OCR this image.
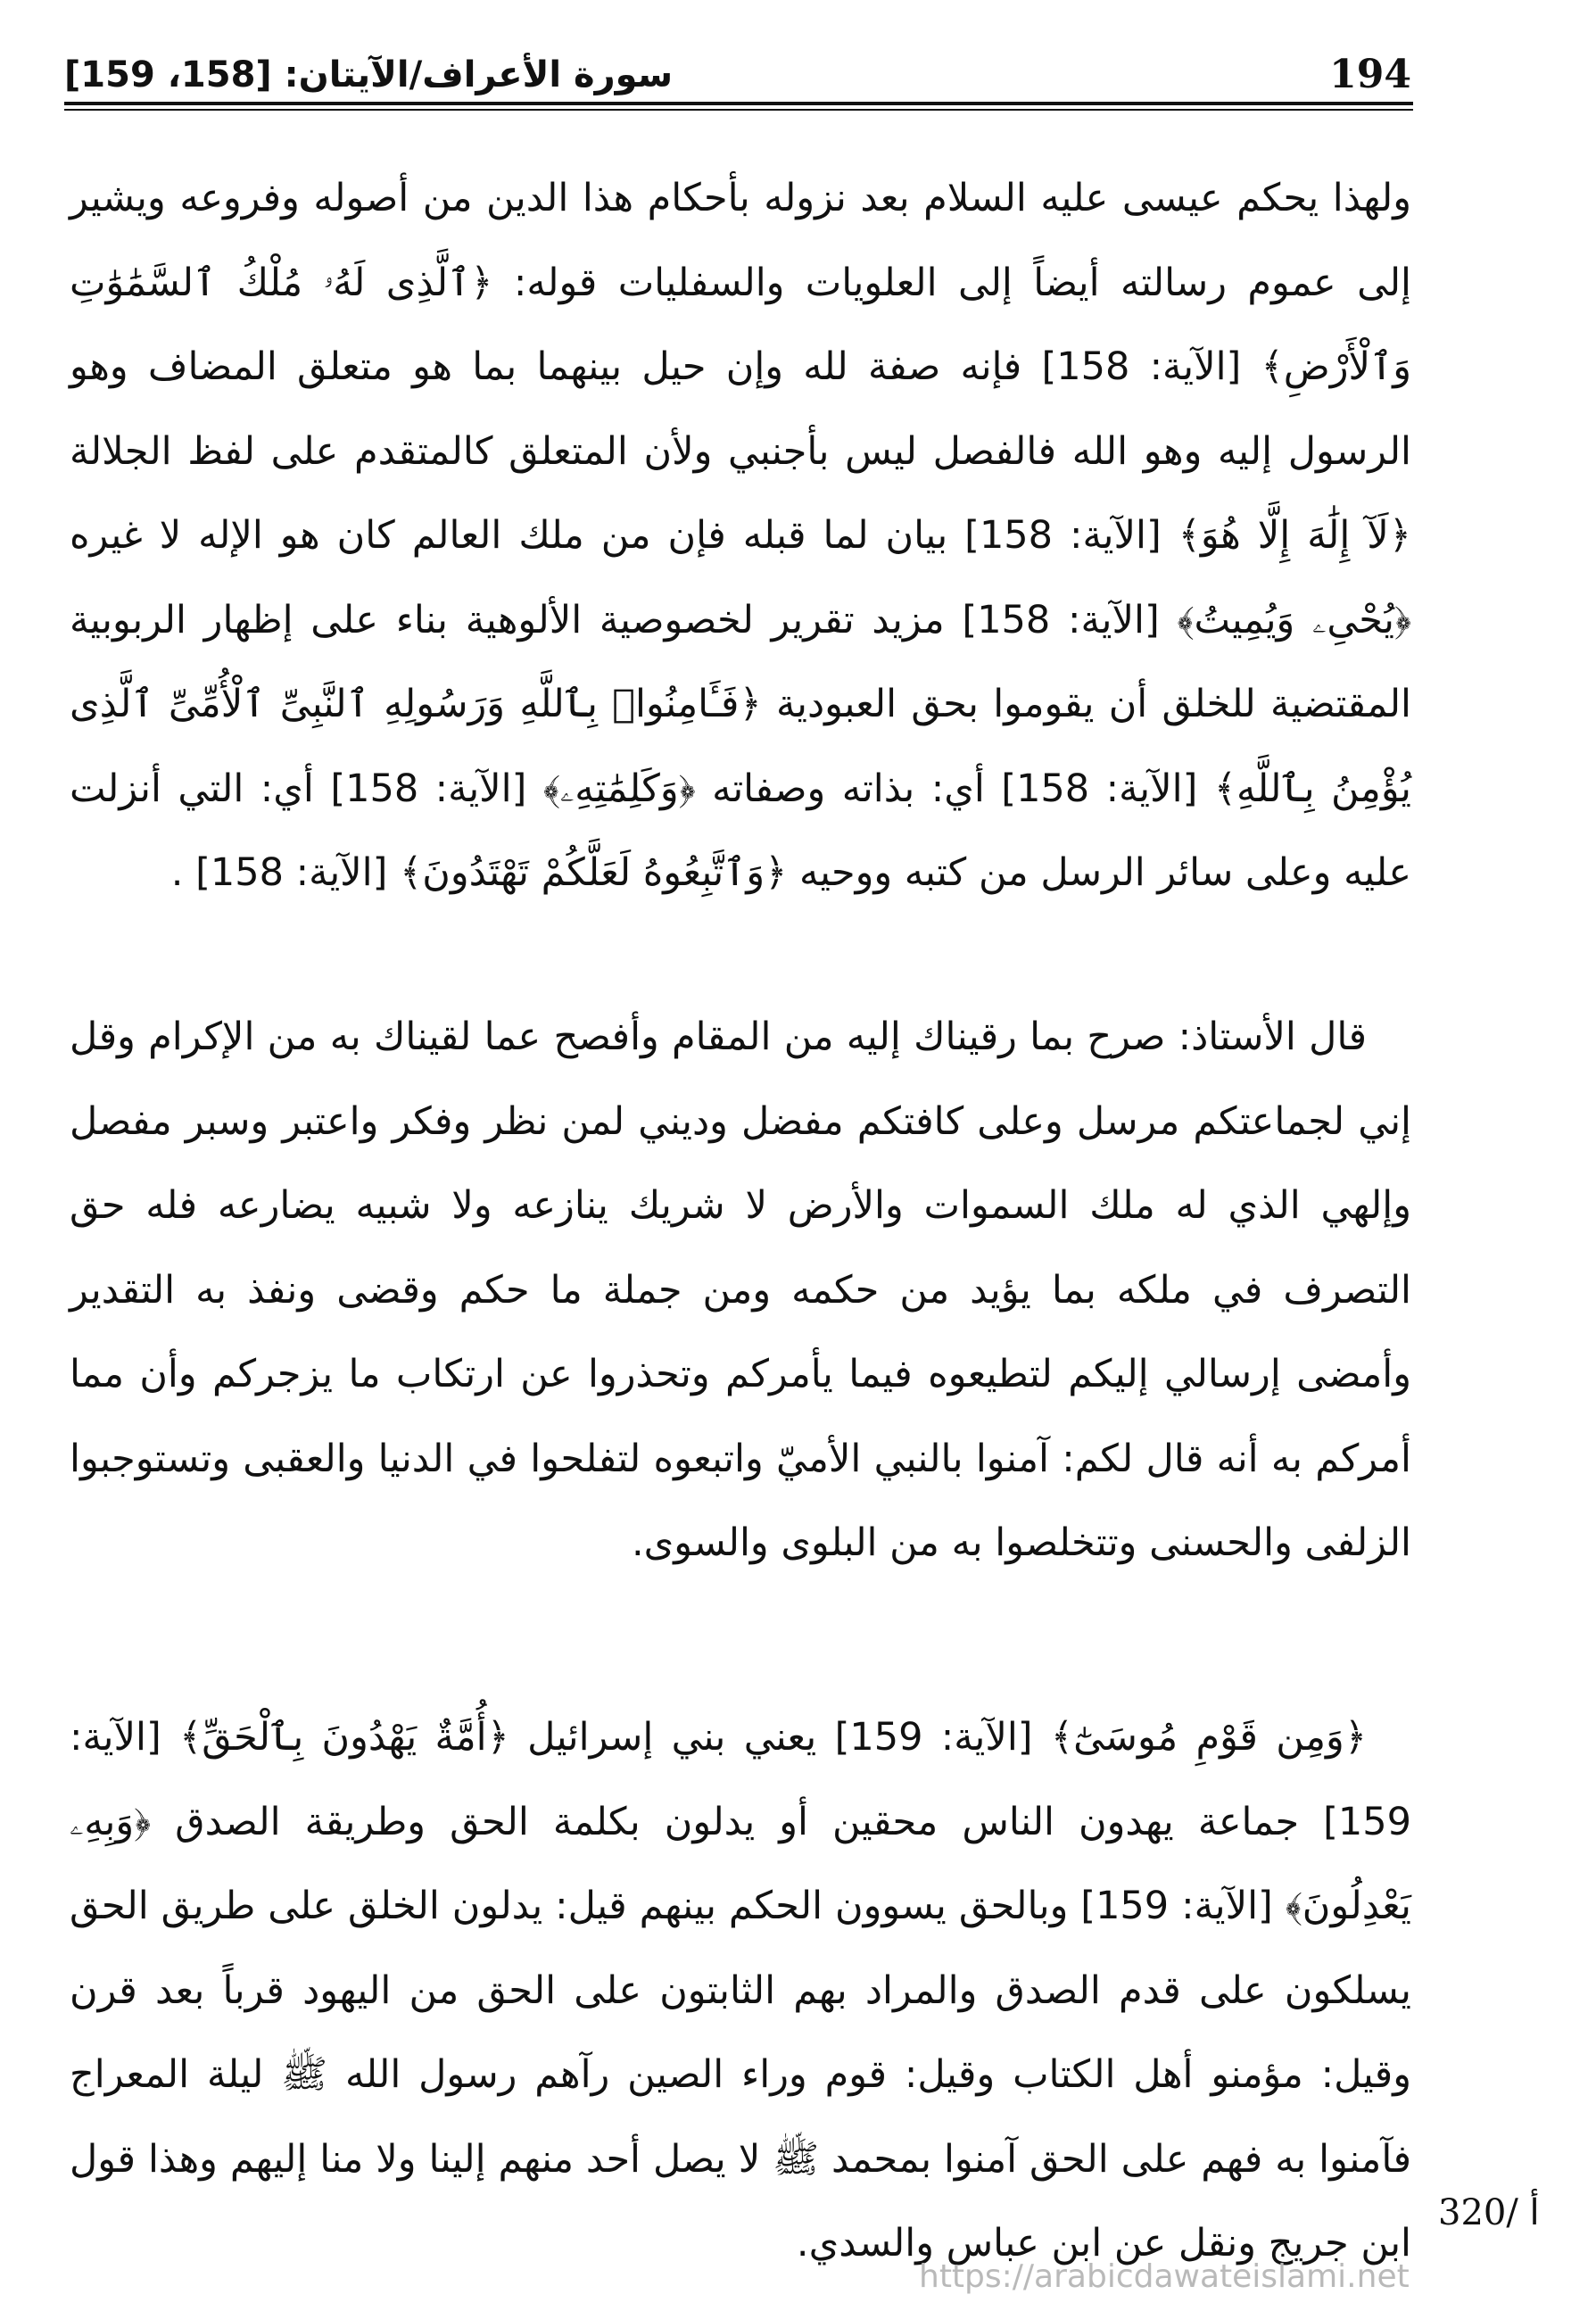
194
سورة الأعراف/الآيتان: [158، 159]

ولهذا يحكم عيسى عليه السلام بعد نزوله بأحكام هذا الدين من أصوله وفروعه ويشير إلى عموم رسالته أيضاً إلى العلويات والسفليات قوله: ﴿ٱلَّذِى لَهُۥ مُلْكُ ٱلسَّمَٰوَٰتِ وَٱلْأَرْضِ﴾ [الآية: 158] فإنه صفة لله وإن حيل بينهما بما هو متعلق المضاف وهو الرسول إليه وهو الله فالفصل ليس بأجنبي ولأن المتعلق كالمتقدم على لفظ الجلالة ﴿لَآ إِلَٰهَ إِلَّا هُوَ﴾ [الآية: 158] بيان لما قبله فإن من ملك العالم كان هو الإله لا غيره ﴿يُحْىِۦ وَيُمِيتُ﴾ [الآية: 158] مزيد تقرير لخصوصية الألوهية بناء على إظهار الربوبية المقتضية للخلق أن يقوموا بحق العبودية ﴿فَـَٔامِنُوا۟ بِٱللَّهِ وَرَسُولِهِ ٱلنَّبِىِّ ٱلْأُمِّىِّ ٱلَّذِى يُؤْمِنُ بِٱللَّهِ﴾ [الآية: 158] أي: بذاته وصفاته ﴿وَكَلِمَٰتِهِۦ﴾ [الآية: 158] أي: التي أنزلت عليه وعلى سائر الرسل من كتبه ووحيه ﴿وَٱتَّبِعُوهُ لَعَلَّكُمْ تَهْتَدُونَ﴾ [الآية: 158] .

قال الأستاذ: صرح بما رقيناك إليه من المقام وأفصح عما لقيناك به من الإكرام وقل إني لجماعتكم مرسل وعلى كافتكم مفضل وديني لمن نظر وفكر واعتبر وسبر مفصل وإلهي الذي له ملك السموات والأرض لا شريك ينازعه ولا شبيه يضارعه فله حق التصرف في ملكه بما يؤيد من حكمه ومن جملة ما حكم وقضى ونفذ به التقدير وأمضى إرسالي إليكم لتطيعوه فيما يأمركم وتحذروا عن ارتكاب ما يزجركم وأن مما أمركم به أنه قال لكم: آمنوا بالنبي الأميّ واتبعوه لتفلحوا في الدنيا والعقبى وتستوجبوا الزلفى والحسنى وتتخلصوا به من البلوى والسوى.

﴿وَمِن قَوْمِ مُوسَىٰٓ﴾ [الآية: 159] يعني بني إسرائيل ﴿أُمَّةٌ يَهْدُونَ بِٱلْحَقِّ﴾ [الآية: 159] جماعة يهدون الناس محقين أو يدلون بكلمة الحق وطريقة الصدق ﴿وَبِهِۦ يَعْدِلُونَ﴾ [الآية: 159] وبالحق يسوون الحكم بينهم قيل: يدلون الخلق على طريق الحق يسلكون على قدم الصدق والمراد بهم الثابتون على الحق من اليهود قرباً بعد قرن وقيل: مؤمنو أهل الكتاب وقيل: قوم وراء الصين رآهم رسول الله ﷺ ليلة المعراج فآمنوا به فهم على الحق آمنوا بمحمد ﷺ لا يصل أحد منهم إلينا ولا منا إليهم وهذا قول ابن جريج ونقل عن ابن عباس والسدي.

320/ أ
https://arabicdawateislami.net
